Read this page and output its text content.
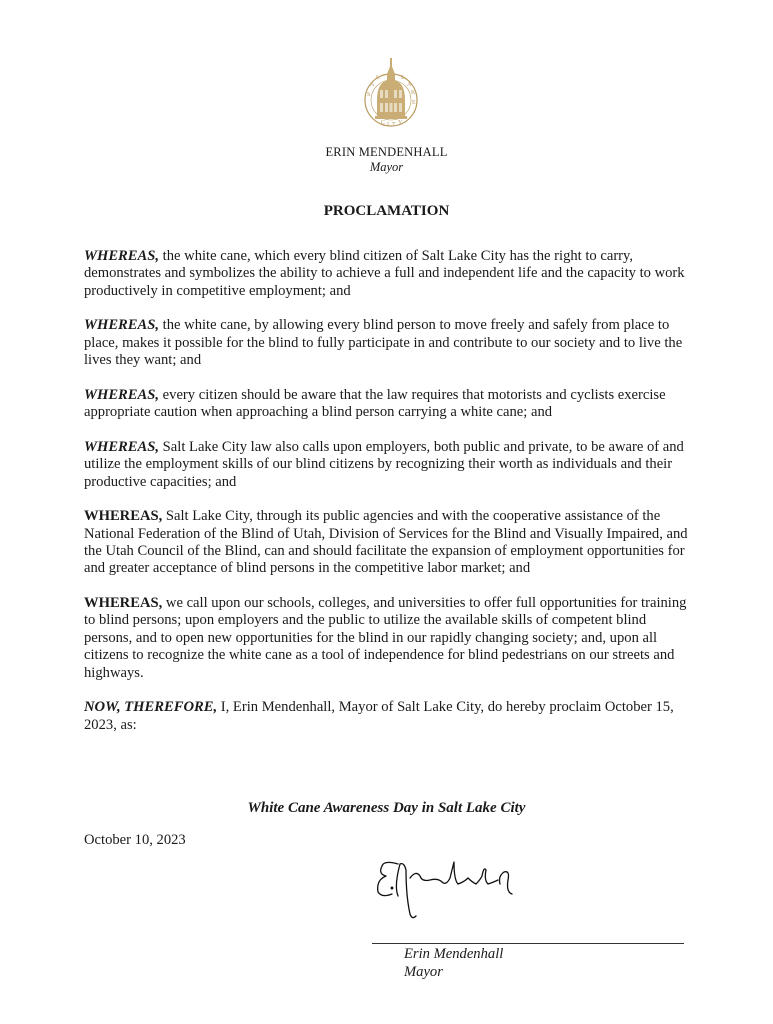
S
A
L	L
A
K
E
C I T Y
ERIN MENDENHALL
Mayor
PROCLAMATION

WHEREAS, the white cane, which every blind citizen of Salt Lake City has the right to carry, demonstrates and symbolizes the ability to achieve a full and independent life and the capacity to work productively in competitive employment; and

WHEREAS, the white cane, by allowing every blind person to move freely and safely from place to place, makes it possible for the blind to fully participate in and contribute to our society and to live the lives they want; and

WHEREAS, every citizen should be aware that the law requires that motorists and cyclists exercise appropriate caution when approaching a blind person carrying a white cane; and

WHEREAS, Salt Lake City law also calls upon employers, both public and private, to be aware of and utilize the employment skills of our blind citizens by recognizing their worth as individuals and their productive capacities; and

WHEREAS, Salt Lake City, through its public agencies and with the cooperative assistance of the National Federation of the Blind of Utah, Division of Services for the Blind and Visually Impaired, and the Utah Council of the Blind, can and should facilitate the expansion of employment opportunities for and greater acceptance of blind persons in the competitive labor market; and

WHEREAS, we call upon our schools, colleges, and universities to offer full opportunities for training to blind persons; upon employers and the public to utilize the available skills of competent blind persons, and to open new opportunities for the blind in our rapidly changing society; and, upon all citizens to recognize the white cane as a tool of independence for blind pedestrians on our streets and highways.

NOW, THEREFORE, I, Erin Mendenhall, Mayor of Salt Lake City, do hereby proclaim October 15, 2023, as:

White Cane Awareness Day in Salt Lake City
October 10, 2023
Erin Mendenhall
Mayor
